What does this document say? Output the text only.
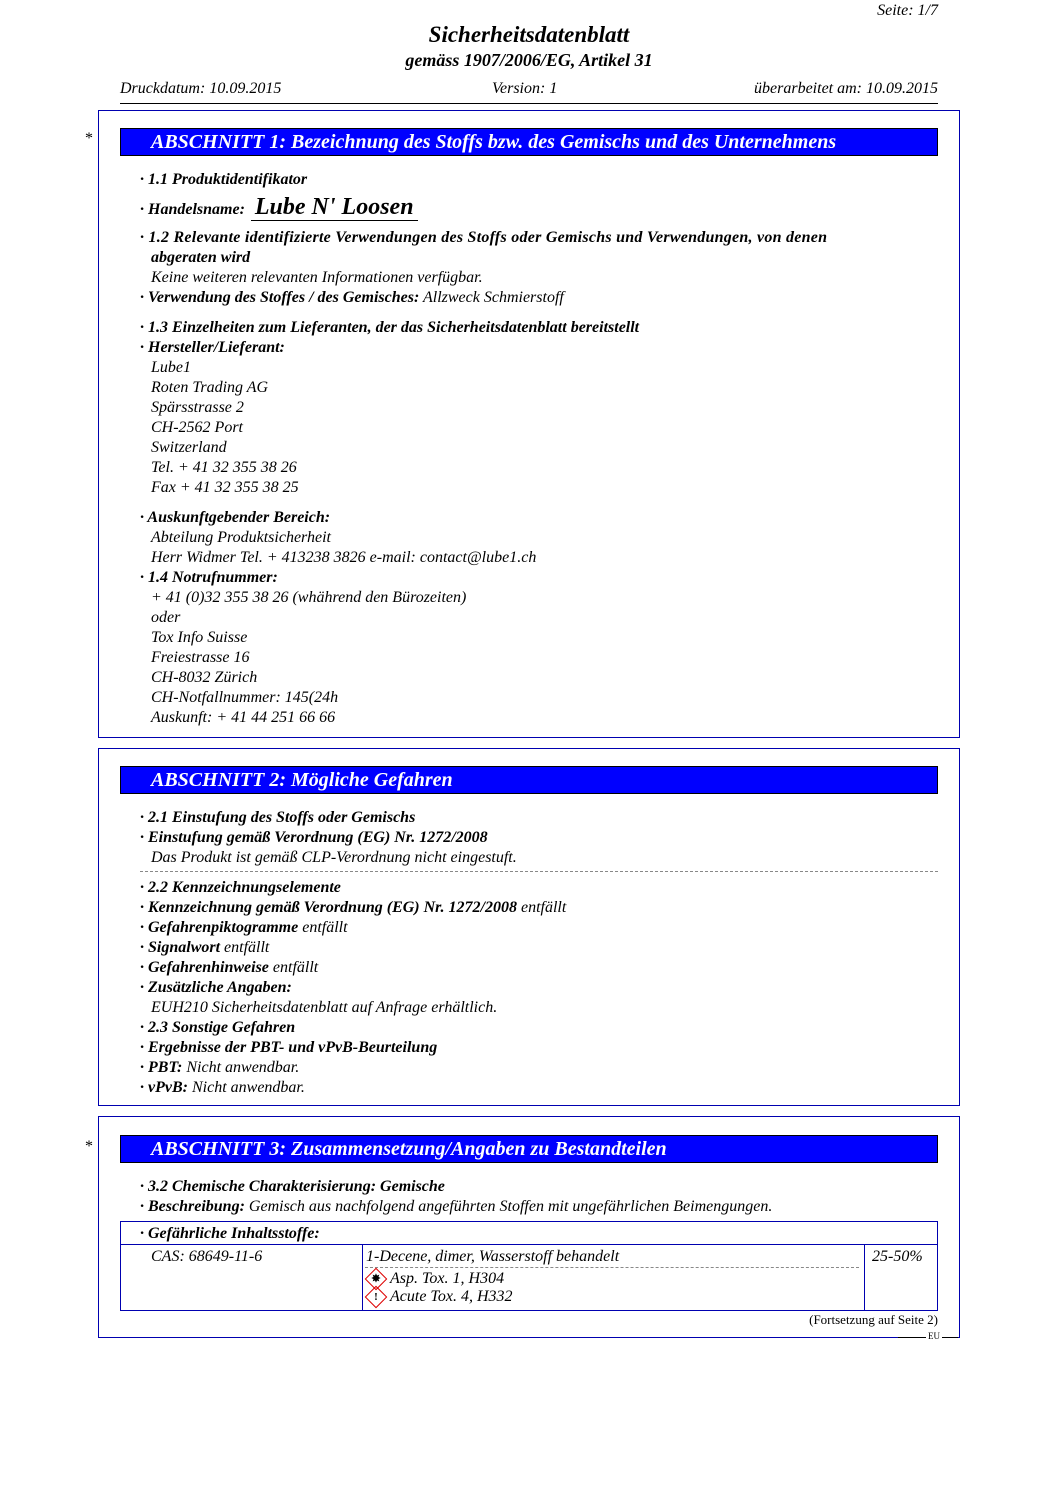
Seite: 1/7
Sicherheitsdatenblatt
gemäss 1907/2006/EG, Artikel 31
Druckdatum: 10.09.2015	Version: 1	überarbeitet am: 10.09.2015
*	ABSCHNITT 1: Bezeichnung des Stoffs bzw. des Gemischs und des Unternehmens
· 1.1 Produktidentifikator
· Handelsname: Lube N' Loosen
· 1.2 Relevante identifizierte Verwendungen des Stoffs oder Gemischs und Verwendungen, von denen
abgeraten wird
Keine weiteren relevanten Informationen verfügbar.
· Verwendung des Stoffes / des Gemisches: Allzweck Schmierstoff
· 1.3 Einzelheiten zum Lieferanten, der das Sicherheitsdatenblatt bereitstellt
· Hersteller/Lieferant:
Lube1
Roten Trading AG
Spärsstrasse 2
CH-2562 Port
Switzerland
Tel. + 41 32 355 38 26
Fax + 41 32 355 38 25
· Auskunftgebender Bereich:
Abteilung Produktsicherheit
Herr Widmer Tel. + 413238 3826 e-mail: contact@lube1.ch
· 1.4 Notrufnummer:
+ 41 (0)32 355 38 26 (whährend den Bürozeiten)
oder
Tox Info Suisse
Freiestrasse 16
CH-8032 Zürich
CH-Notfallnummer: 145(24h
Auskunft: + 41 44 251 66 66
ABSCHNITT 2: Mögliche Gefahren
· 2.1 Einstufung des Stoffs oder Gemischs
· Einstufung gemäß Verordnung (EG) Nr. 1272/2008
Das Produkt ist gemäß CLP-Verordnung nicht eingestuft.
· 2.2 Kennzeichnungselemente
· Kennzeichnung gemäß Verordnung (EG) Nr. 1272/2008 entfällt
· Gefahrenpiktogramme entfällt
· Signalwort entfällt
· Gefahrenhinweise entfällt
· Zusätzliche Angaben:
EUH210 Sicherheitsdatenblatt auf Anfrage erhältlich.
· 2.3 Sonstige Gefahren
· Ergebnisse der PBT- und vPvB-Beurteilung
· PBT: Nicht anwendbar.
· vPvB: Nicht anwendbar.
*	ABSCHNITT 3: Zusammensetzung/Angaben zu Bestandteilen
· 3.2 Chemische Charakterisierung: Gemische
· Beschreibung: Gemisch aus nachfolgend angeführten Stoffen mit ungefährlichen Beimengungen.
· Gefährliche Inhaltsstoffe:
CAS: 68649-11-6	1-Decene, dimer, Wasserstoff behandelt	25-50%
✸ Asp. Tox. 1, H304
! Acute Tox. 4, H332
(Fortsetzung auf Seite 2)
EU
